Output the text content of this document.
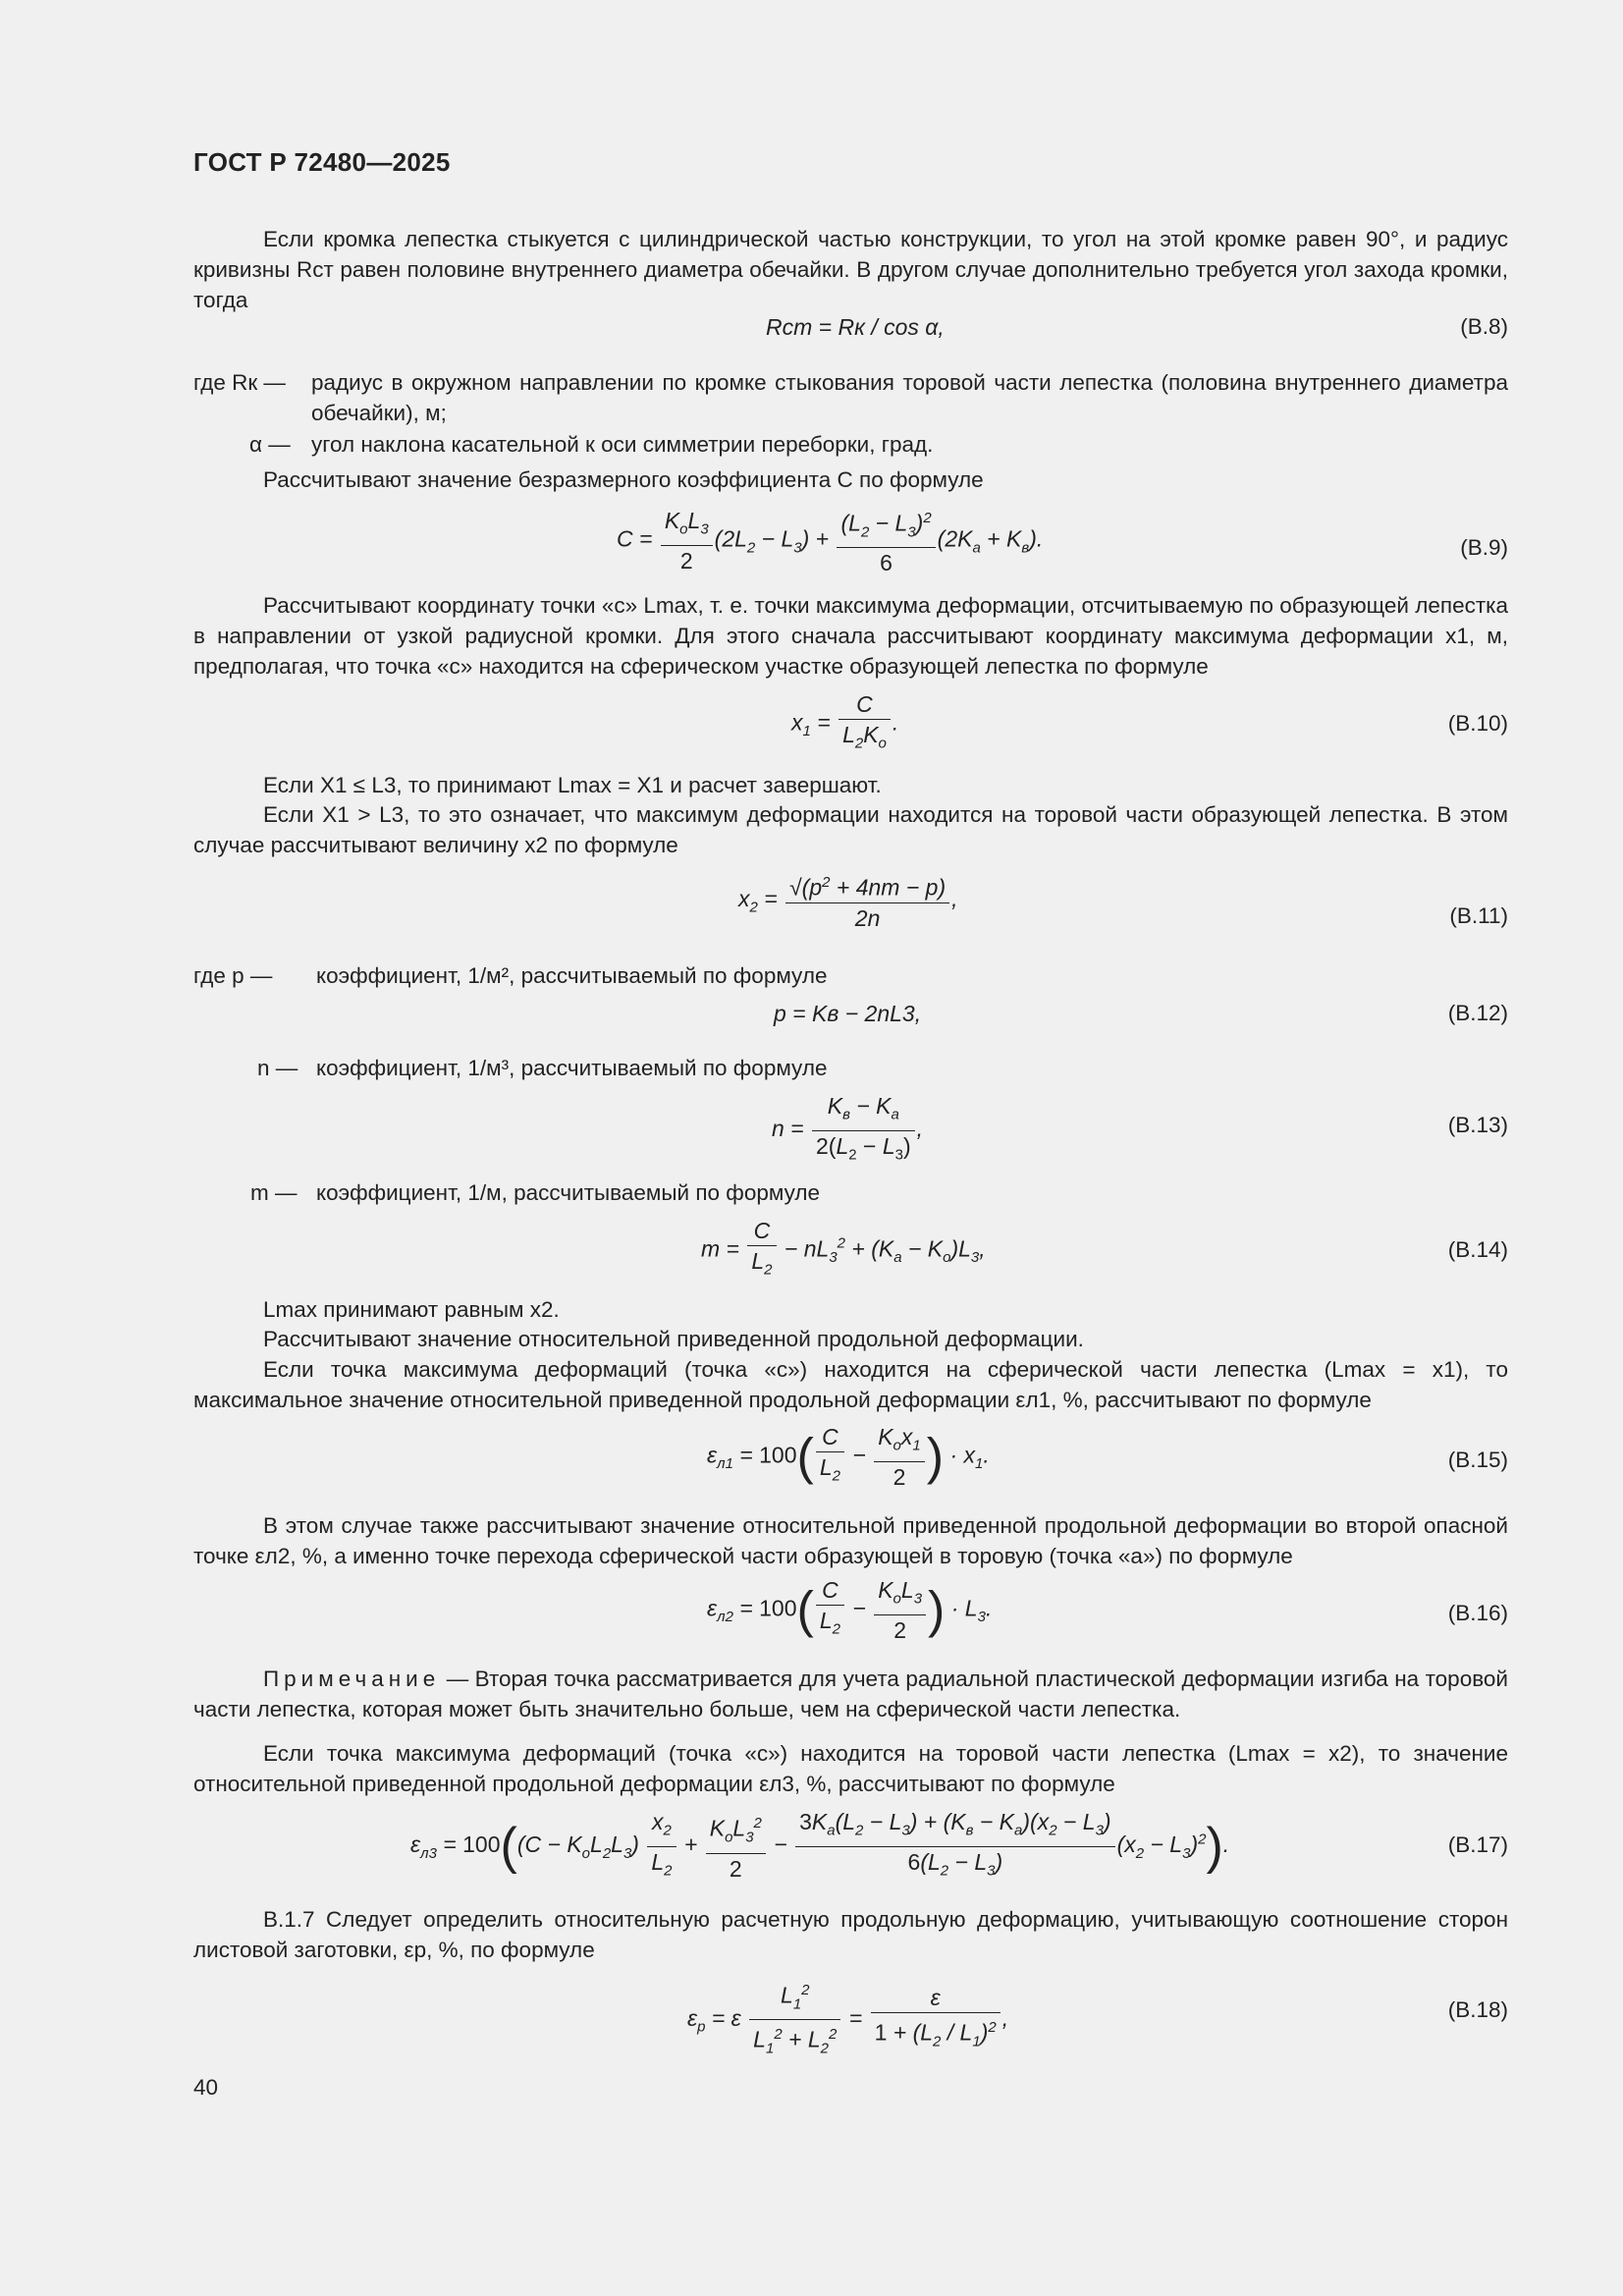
ГОСТ Р 72480—2025
Если кромка лепестка стыкуется с цилиндрической частью конструкции, то угол на этой кромке равен 90°, и радиус кривизны Rст равен половине внутреннего диаметра обечайки. В другом случае дополнительно требуется угол захода кромки, тогда
Rст = Rк / cos α,	(В.8)
где Rк — радиус в окружном направлении по кромке стыкования торовой части лепестка (половина внутреннего диаметра обечайки), м;
α — угол наклона касательной к оси симметрии переборки, град.
Рассчитывают значение безразмерного коэффициента C по формуле
$C = \frac{K_oL_3}{2} (2L_2 - L_3) + \frac{(L_2 - L_3)^2}{6} (2K_a + K_в)$.	(В.9)
Рассчитывают координату точки «c» Lmax, т. е. точки максимума деформации, отсчитываемую по образующей лепестка в направлении от узкой радиусной кромки. Для этого сначала рассчитывают координату максимума деформации x1, м, предполагая, что точка «c» находится на сферическом участке образующей лепестка по формуле
$x_1 = \frac{C}{L_2K_o}$ .	(В.10)
Если X1 ≤ L3, то принимают Lmax = X1 и расчет завершают.
Если X1 > L3, то это означает, что максимум деформации находится на торовой части образующей лепестка. В этом случае рассчитывают величину x2 по формуле
$x_2 = \frac{√(p^2 + 4nm - p)}{2n}$ ,
(В.11)
где p — коэффициент, 1/м², рассчитываемый по формуле
p = Kв − 2nL3,	(В.12)
n — коэффициент, 1/м³, рассчитываемый по формуле
$n = \frac{K_в - K_a}{2(L_2 - L_3)}$ ,	(В.13)
m — коэффициент, 1/м, рассчитываемый по формуле
$m = \frac{C}{L_2} - nL_3^2 + (K_a - K_o)L_3$,	(В.14)
Lmax принимают равным x2.
Рассчитывают значение относительной приведенной продольной деформации.
Если точка максимума деформаций (точка «c») находится на сферической части лепестка (Lmax = x1), то максимальное значение относительной приведенной продольной деформации εл1, %, рассчитывают по формуле
$\varepsilon_{л1} = 100( \frac{C}{L_2} - \frac{K_ox_1}{2}$ ) · $x_1$.	(В.15)
В этом случае также рассчитывают значение относительной приведенной продольной деформации во второй опасной точке εл2, %, а именно точке перехода сферической части образующей в торовую (точка «a») по формуле
$\varepsilon_{л2} = 100( \frac{C}{L_2} - \frac{K_oL_3}{2}$ ) · $L_3$.	(В.16)
Примечание — Вторая точка рассматривается для учета радиальной пластической деформации изгиба на торовой части лепестка, которая может быть значительно больше, чем на сферической части лепестка.
Если точка максимума деформаций (точка «c») находится на торовой части лепестка (Lmax = x2), то значение относительной приведенной продольной деформации εл3, %, рассчитывают по формуле
$\varepsilon_{л3} = 100((C - K_oL_2L_3) \frac{x_2}{L_2} + \frac{K_oL_3^2}{2} - \frac{3K_a(L_2 - L_3) + (K_в - K_a)(x_2 - L_3)}{6(L_2 - L_3)} (x_2 - L_3)^2)$.	(В.17)
В.1.7 Следует определить относительную расчетную продольную деформацию, учитывающую соотношение сторон листовой заготовки, εp, %, по формуле
$\varepsilon_p = \varepsilon \frac{L_1^2}{L_1^2 + L_2^2} = \frac{\varepsilon}{1 + (L_2 / L_1)^2}$ ,	(В.18)
40
